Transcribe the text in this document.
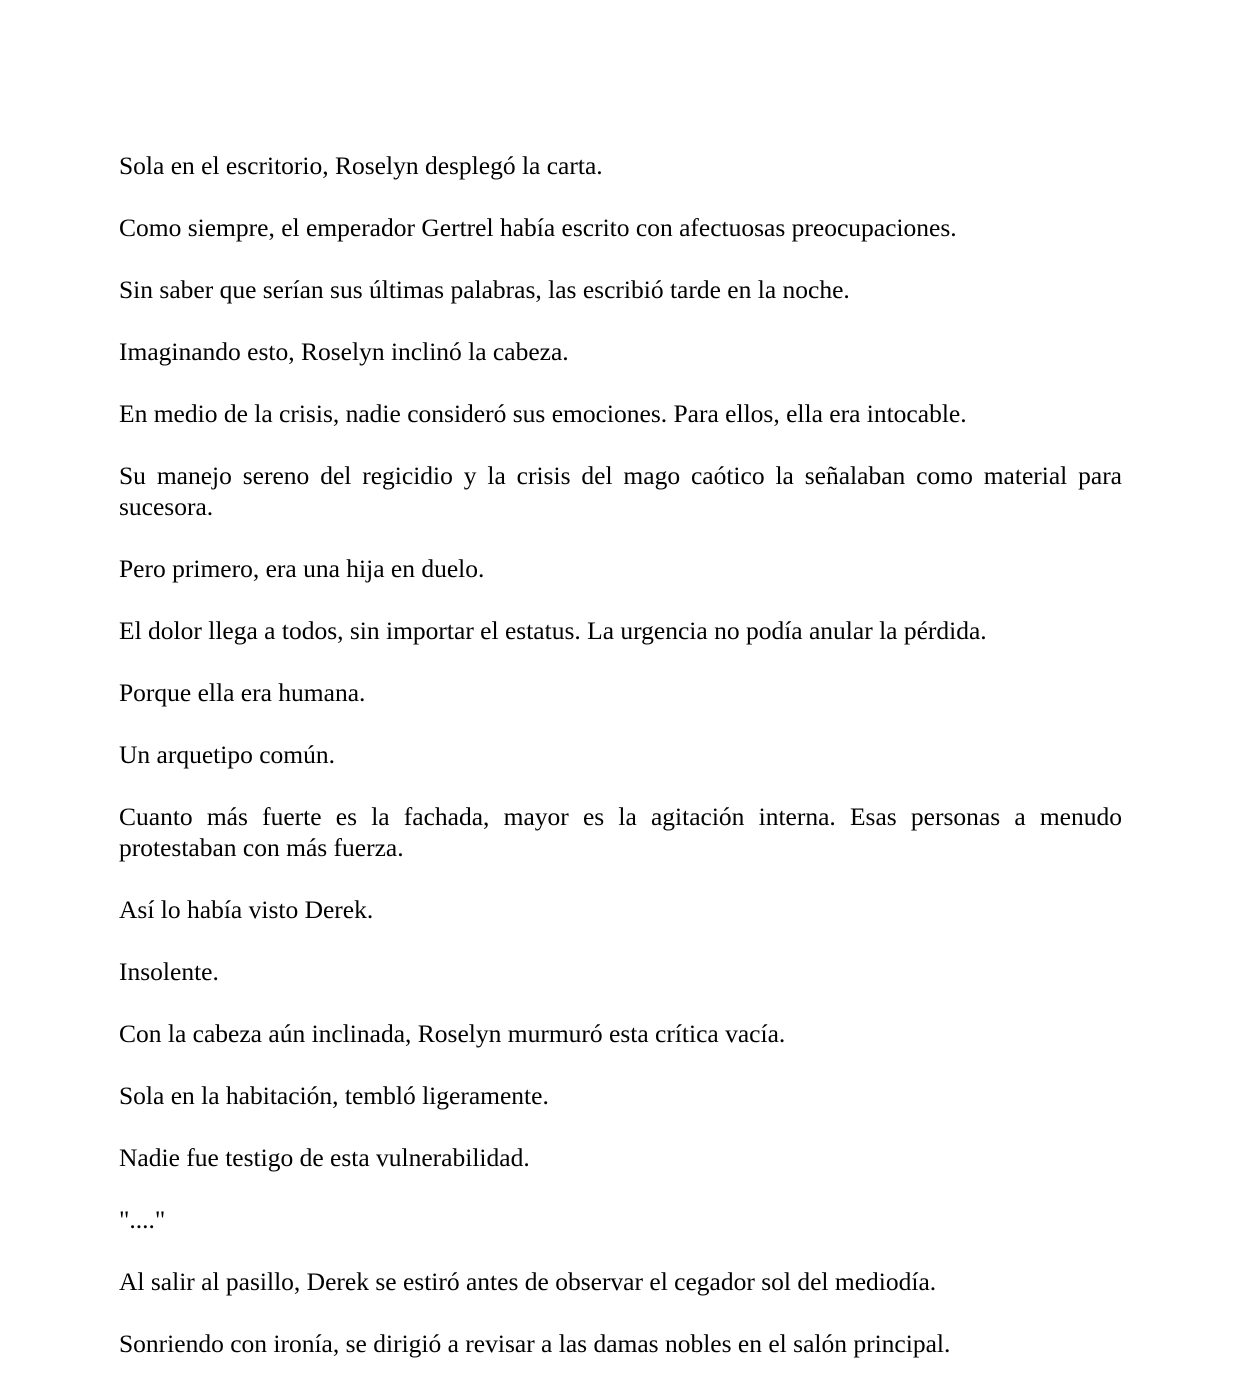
Sola en el escritorio, Roselyn desplegó la carta.

Como siempre, el emperador Gertrel había escrito con afectuosas preocupaciones.

Sin saber que serían sus últimas palabras, las escribió tarde en la noche.

Imaginando esto, Roselyn inclinó la cabeza.

En medio de la crisis, nadie consideró sus emociones. Para ellos, ella era intocable.

Su manejo sereno del regicidio y la crisis del mago caótico la señalaban como material para sucesora.

Pero primero, era una hija en duelo.

El dolor llega a todos, sin importar el estatus. La urgencia no podía anular la pérdida.

Porque ella era humana.

Un arquetipo común.

Cuanto más fuerte es la fachada, mayor es la agitación interna. Esas personas a menudo protestaban con más fuerza.

Así lo había visto Derek.

Insolente.

Con la cabeza aún inclinada, Roselyn murmuró esta crítica vacía.

Sola en la habitación, tembló ligeramente.

Nadie fue testigo de esta vulnerabilidad.

"...."

Al salir al pasillo, Derek se estiró antes de observar el cegador sol del mediodía.

Sonriendo con ironía, se dirigió a revisar a las damas nobles en el salón principal.
